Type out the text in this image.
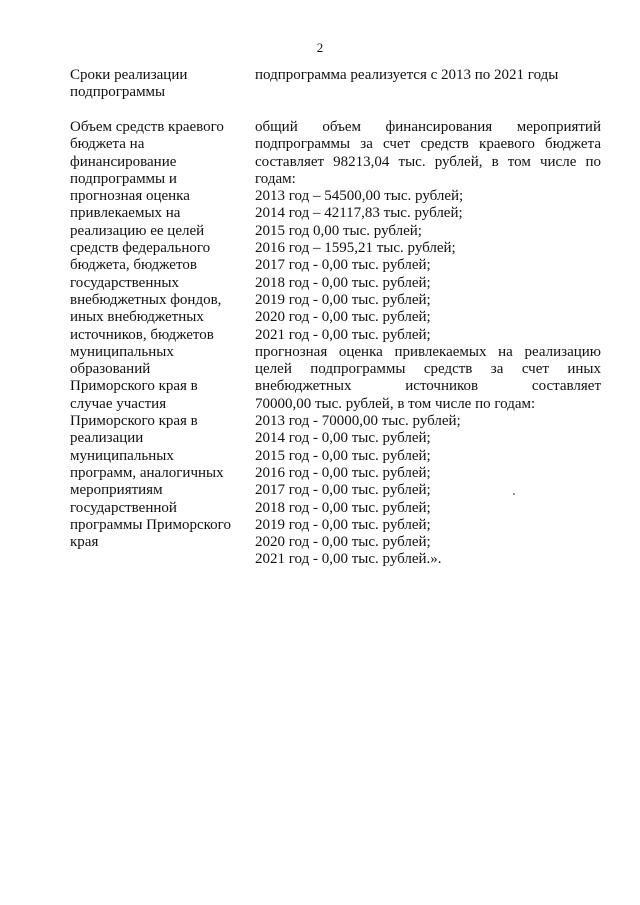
2
Сроки реализации
подпрограммы
подпрограмма реализуется с 2013 по 2021 годы
Объем средств краевого
бюджета на
финансирование
подпрограммы и
прогнозная оценка
привлекаемых на
реализацию ее целей
средств федерального
бюджета, бюджетов
государственных
внебюджетных фондов,
иных внебюджетных
источников, бюджетов
муниципальных
образований
Приморского края в
случае участия
Приморского края в
реализации
муниципальных
программ, аналогичных
мероприятиям
государственной
программы Приморского
края
общий объем финансирования мероприятий
подпрограммы за счет средств краевого бюджета
составляет 98213,04 тыс. рублей, в том числе по
годам:
2013 год – 54500,00 тыс. рублей;
2014 год – 42117,83 тыс. рублей;
2015 год 0,00 тыс. рублей;
2016 год – 1595,21 тыс. рублей;
2017 год - 0,00 тыс. рублей;
2018 год - 0,00 тыс. рублей;
2019 год - 0,00 тыс. рублей;
2020 год - 0,00 тыс. рублей;
2021 год - 0,00 тыс. рублей;
прогнозная оценка привлекаемых на реализацию
целей подпрограммы средств за счет иных
внебюджетных источников составляет
70000,00 тыс. рублей, в том числе по годам:
2013 год - 70000,00 тыс. рублей;
2014 год - 0,00 тыс. рублей;
2015 год - 0,00 тыс. рублей;
2016 год - 0,00 тыс. рублей;
2017 год - 0,00 тыс. рублей;
2018 год - 0,00 тыс. рублей;
2019 год - 0,00 тыс. рублей;
2020 год - 0,00 тыс. рублей;
2021 год - 0,00 тыс. рублей.».
